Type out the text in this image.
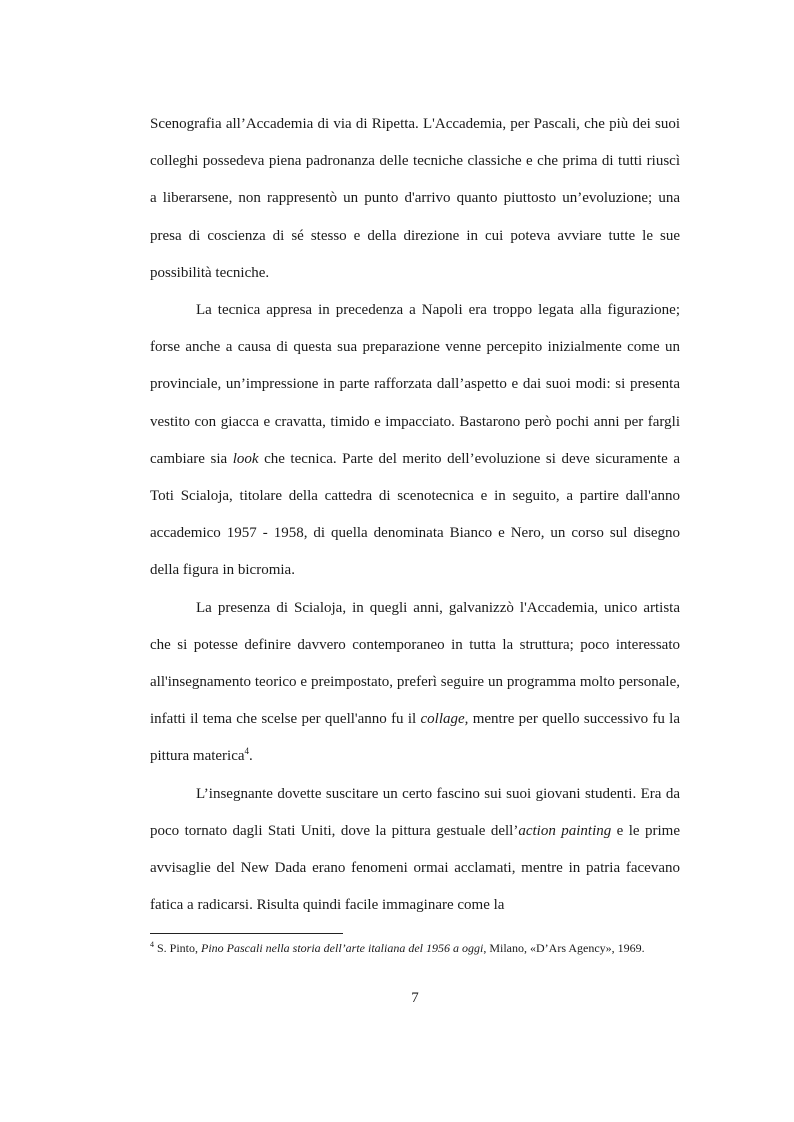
Scenografia all’Accademia di via di Ripetta. L'Accademia, per Pascali, che più dei suoi colleghi possedeva piena padronanza delle tecniche classiche e che prima di tutti riuscì a liberarsene, non rappresentò un punto d'arrivo quanto piuttosto un’evoluzione; una presa di coscienza di sé stesso e della direzione in cui poteva avviare tutte le sue possibilità tecniche.

La tecnica appresa in precedenza a Napoli era troppo legata alla figurazione; forse anche a causa di questa sua preparazione venne percepito inizialmente come un provinciale, un’impressione in parte rafforzata dall’aspetto e dai suoi modi: si presenta vestito con giacca e cravatta, timido e impacciato. Bastarono però pochi anni per fargli cambiare sia look che tecnica. Parte del merito dell’evoluzione si deve sicuramente a Toti Scialoja, titolare della cattedra di scenotecnica e in seguito, a partire dall'anno accademico 1957 - 1958, di quella denominata Bianco e Nero, un corso sul disegno della figura in bicromia.

La presenza di Scialoja, in quegli anni, galvanizzò l'Accademia, unico artista che si potesse definire davvero contemporaneo in tutta la struttura; poco interessato all'insegnamento teorico e preimpostato, preferì seguire un programma molto personale, infatti il tema che scelse per quell'anno fu il collage, mentre per quello successivo fu la pittura materica$^4$.

L’insegnante dovette suscitare un certo fascino sui suoi giovani studenti. Era da poco tornato dagli Stati Uniti, dove la pittura gestuale dell’action painting e le prime avvisaglie del New Dada erano fenomeni ormai acclamati, mentre in patria facevano fatica a radicarsi. Risulta quindi facile immaginare come la

$^4$ S. Pinto, Pino Pascali nella storia dell’arte italiana del 1956 a oggi, Milano, «D’Ars Agency», 1969.
7
